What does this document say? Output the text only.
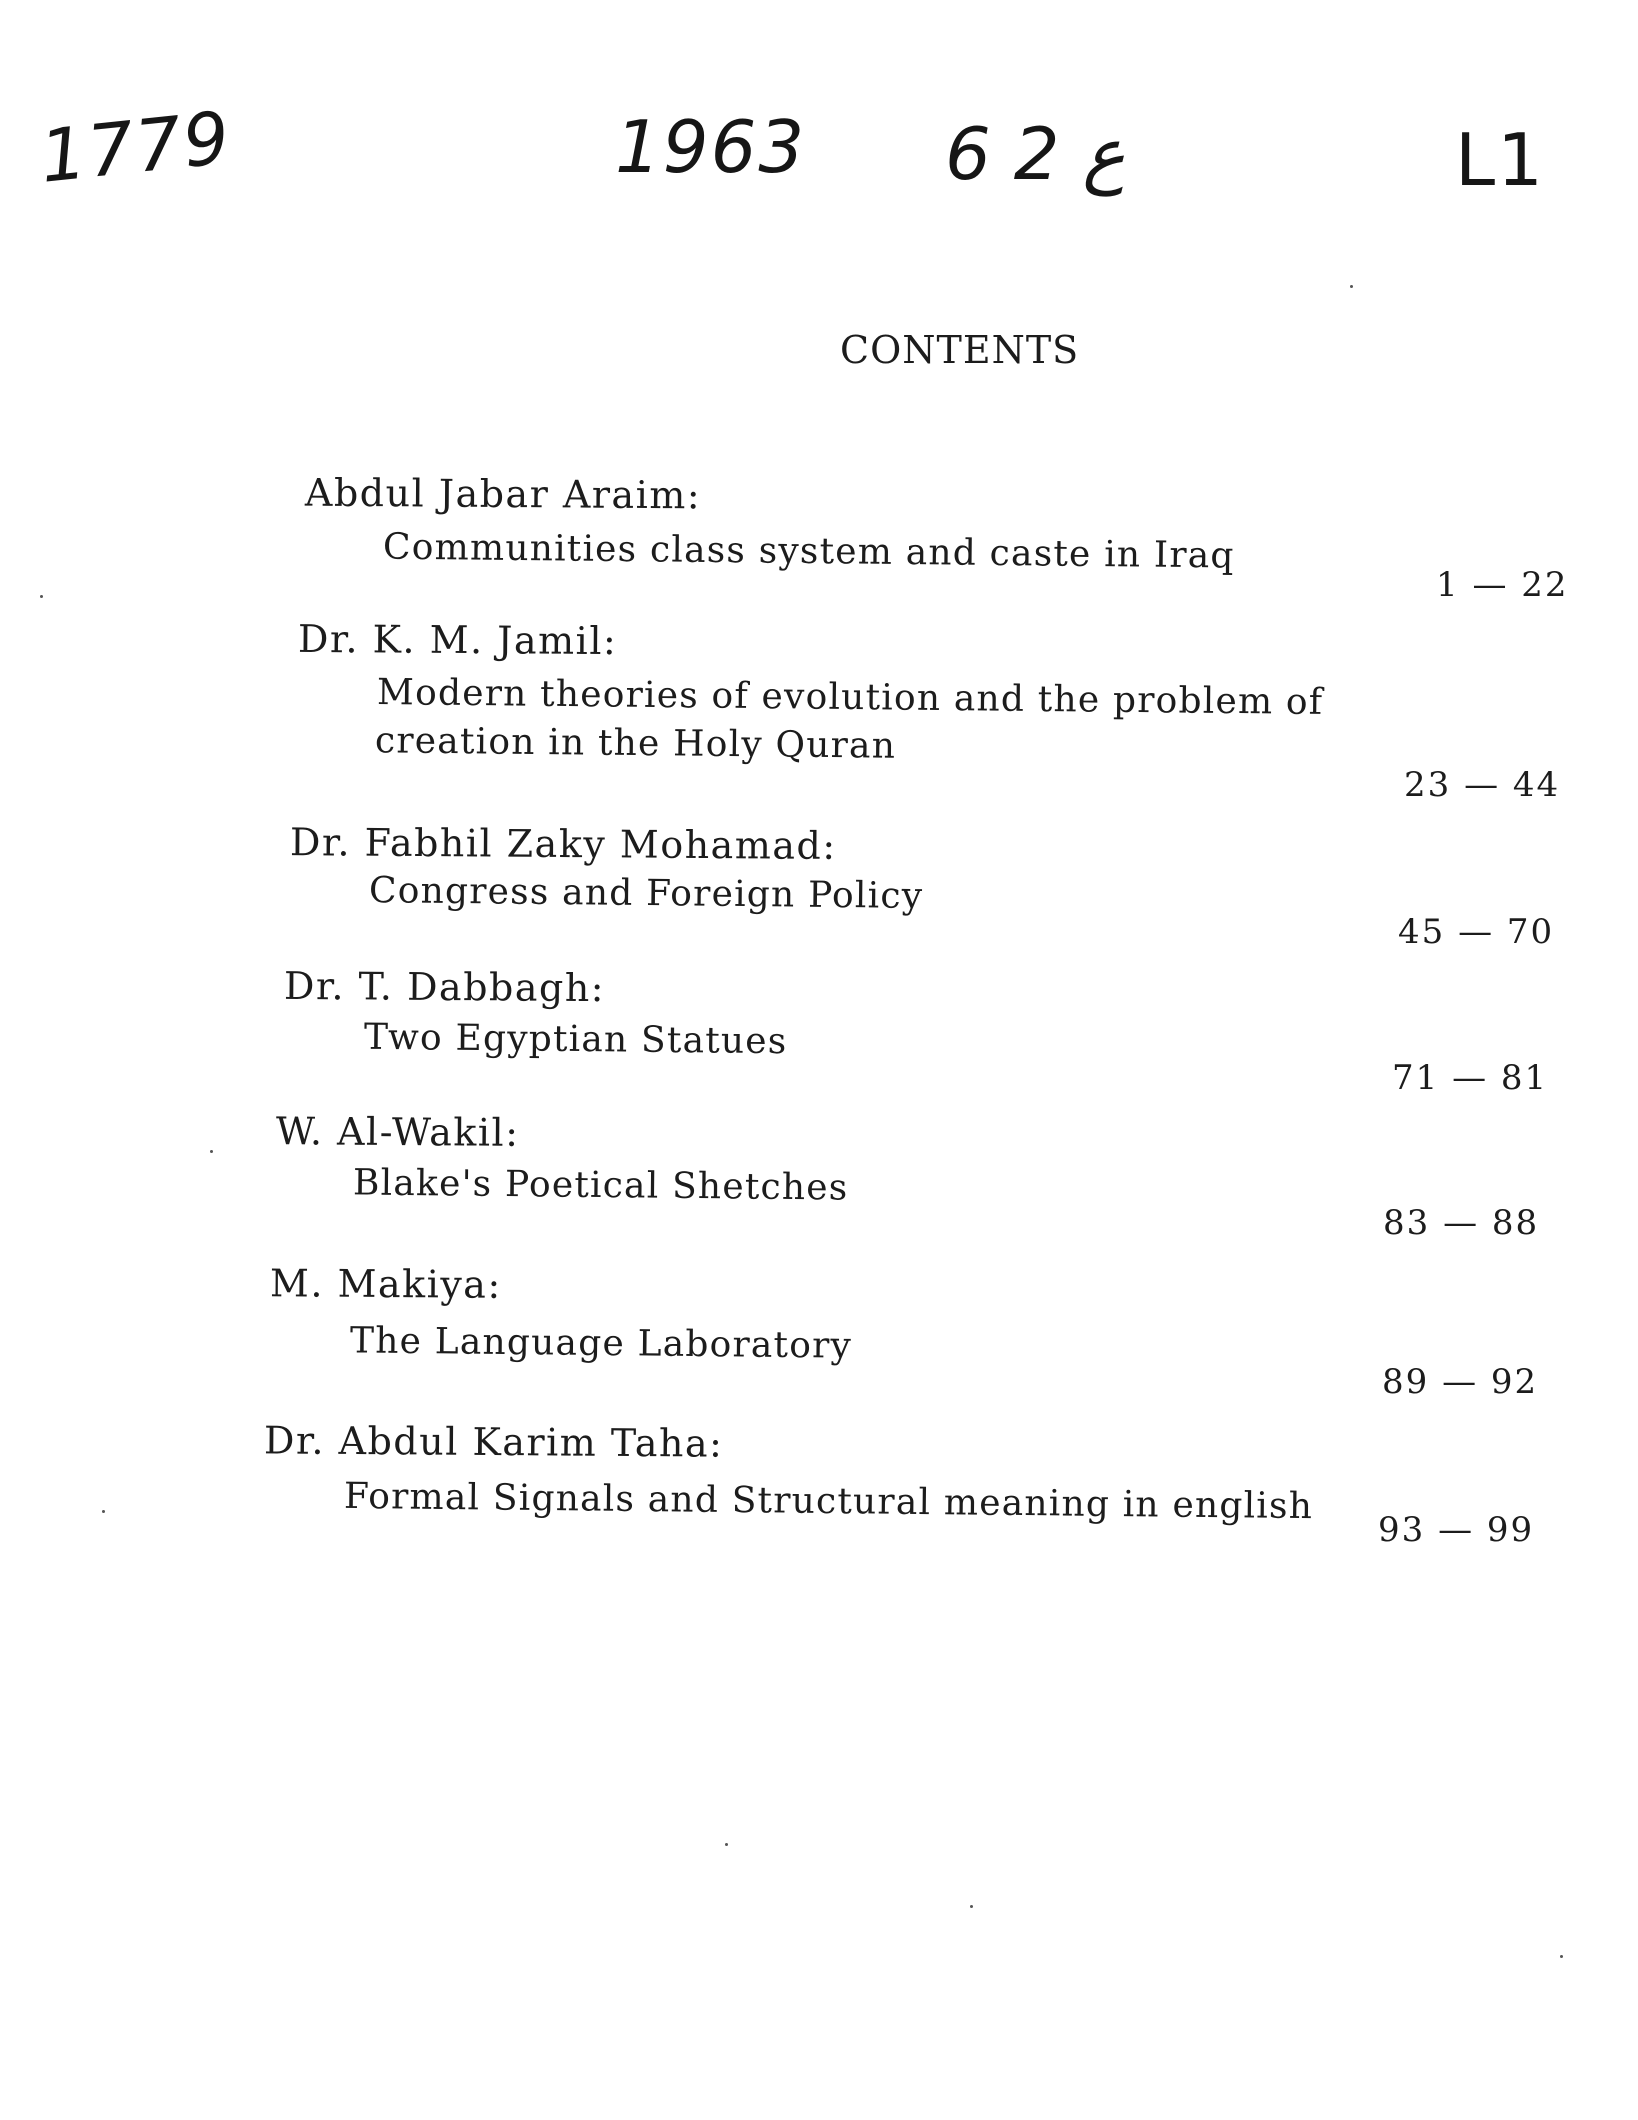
1779	1963 ع 2 6	L1
CONTENTS
Abdul Jabar Araim:
Communities class system and caste in Iraq
1 — 22
Dr. K. M. Jamil:
Modern theories of evolution and the problem of
creation in the Holy Quran
23 — 44
Dr. Fabhil Zaky Mohamad:
Congress and Foreign Policy
45 — 70
Dr. T. Dabbagh:
Two Egyptian Statues
71 — 81
W. Al-Wakil:
Blake's Poetical Shetches
83 — 88
M. Makiya:
The Language Laboratory
89 — 92
Dr. Abdul Karim Taha:
Formal Signals and Structural meaning in english
93 — 99
